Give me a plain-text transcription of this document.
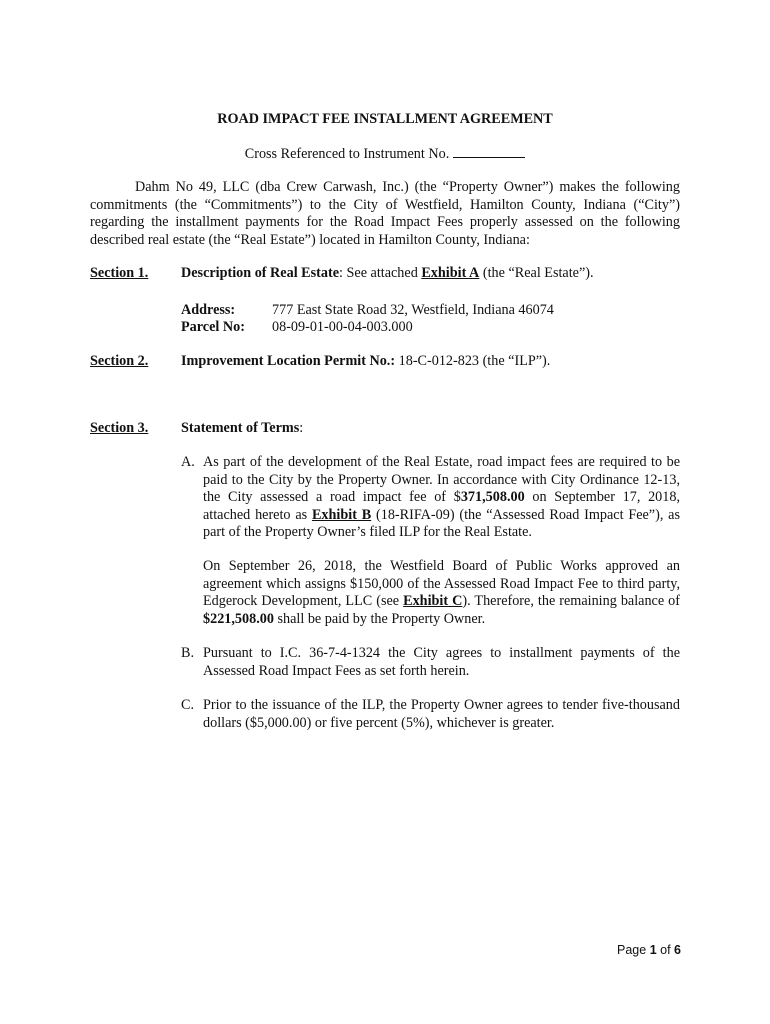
ROAD IMPACT FEE INSTALLMENT AGREEMENT
Cross Referenced to Instrument No.
Dahm No 49, LLC (dba Crew Carwash, Inc.) (the “Property Owner”) makes the following commitments (the “Commitments”) to the City of Westfield, Hamilton County, Indiana (“City”) regarding the installment payments for the Road Impact Fees properly assessed on the following described real estate (the “Real Estate”) located in Hamilton County, Indiana:
Section 1. Description of Real Estate: See attached Exhibit A (the “Real Estate”).
Address:	777 East State Road 32, Westfield, Indiana 46074
Parcel No: 08-09-01-00-04-003.000
Section 2. Improvement Location Permit No.: 18-C-012-823 (the “ILP”).
Section 3. Statement of Terms:
A. As part of the development of the Real Estate, road impact fees are required to be paid to the City by the Property Owner. In accordance with City Ordinance 12-13, the City assessed a road impact fee of $371,508.00 on September 17, 2018, attached hereto as Exhibit B (18-RIFA-09) (the “Assessed Road Impact Fee”), as part of the Property Owner’s filed ILP for the Real Estate.
On September 26, 2018, the Westfield Board of Public Works approved an agreement which assigns $150,000 of the Assessed Road Impact Fee to third party, Edgerock Development, LLC (see Exhibit C). Therefore, the remaining balance of $221,508.00 shall be paid by the Property Owner.
B. Pursuant to I.C. 36-7-4-1324 the City agrees to installment payments of the Assessed Road Impact Fees as set forth herein.
C. Prior to the issuance of the ILP, the Property Owner agrees to tender five-thousand dollars ($5,000.00) or five percent (5%), whichever is greater.
Page 1 of 6
